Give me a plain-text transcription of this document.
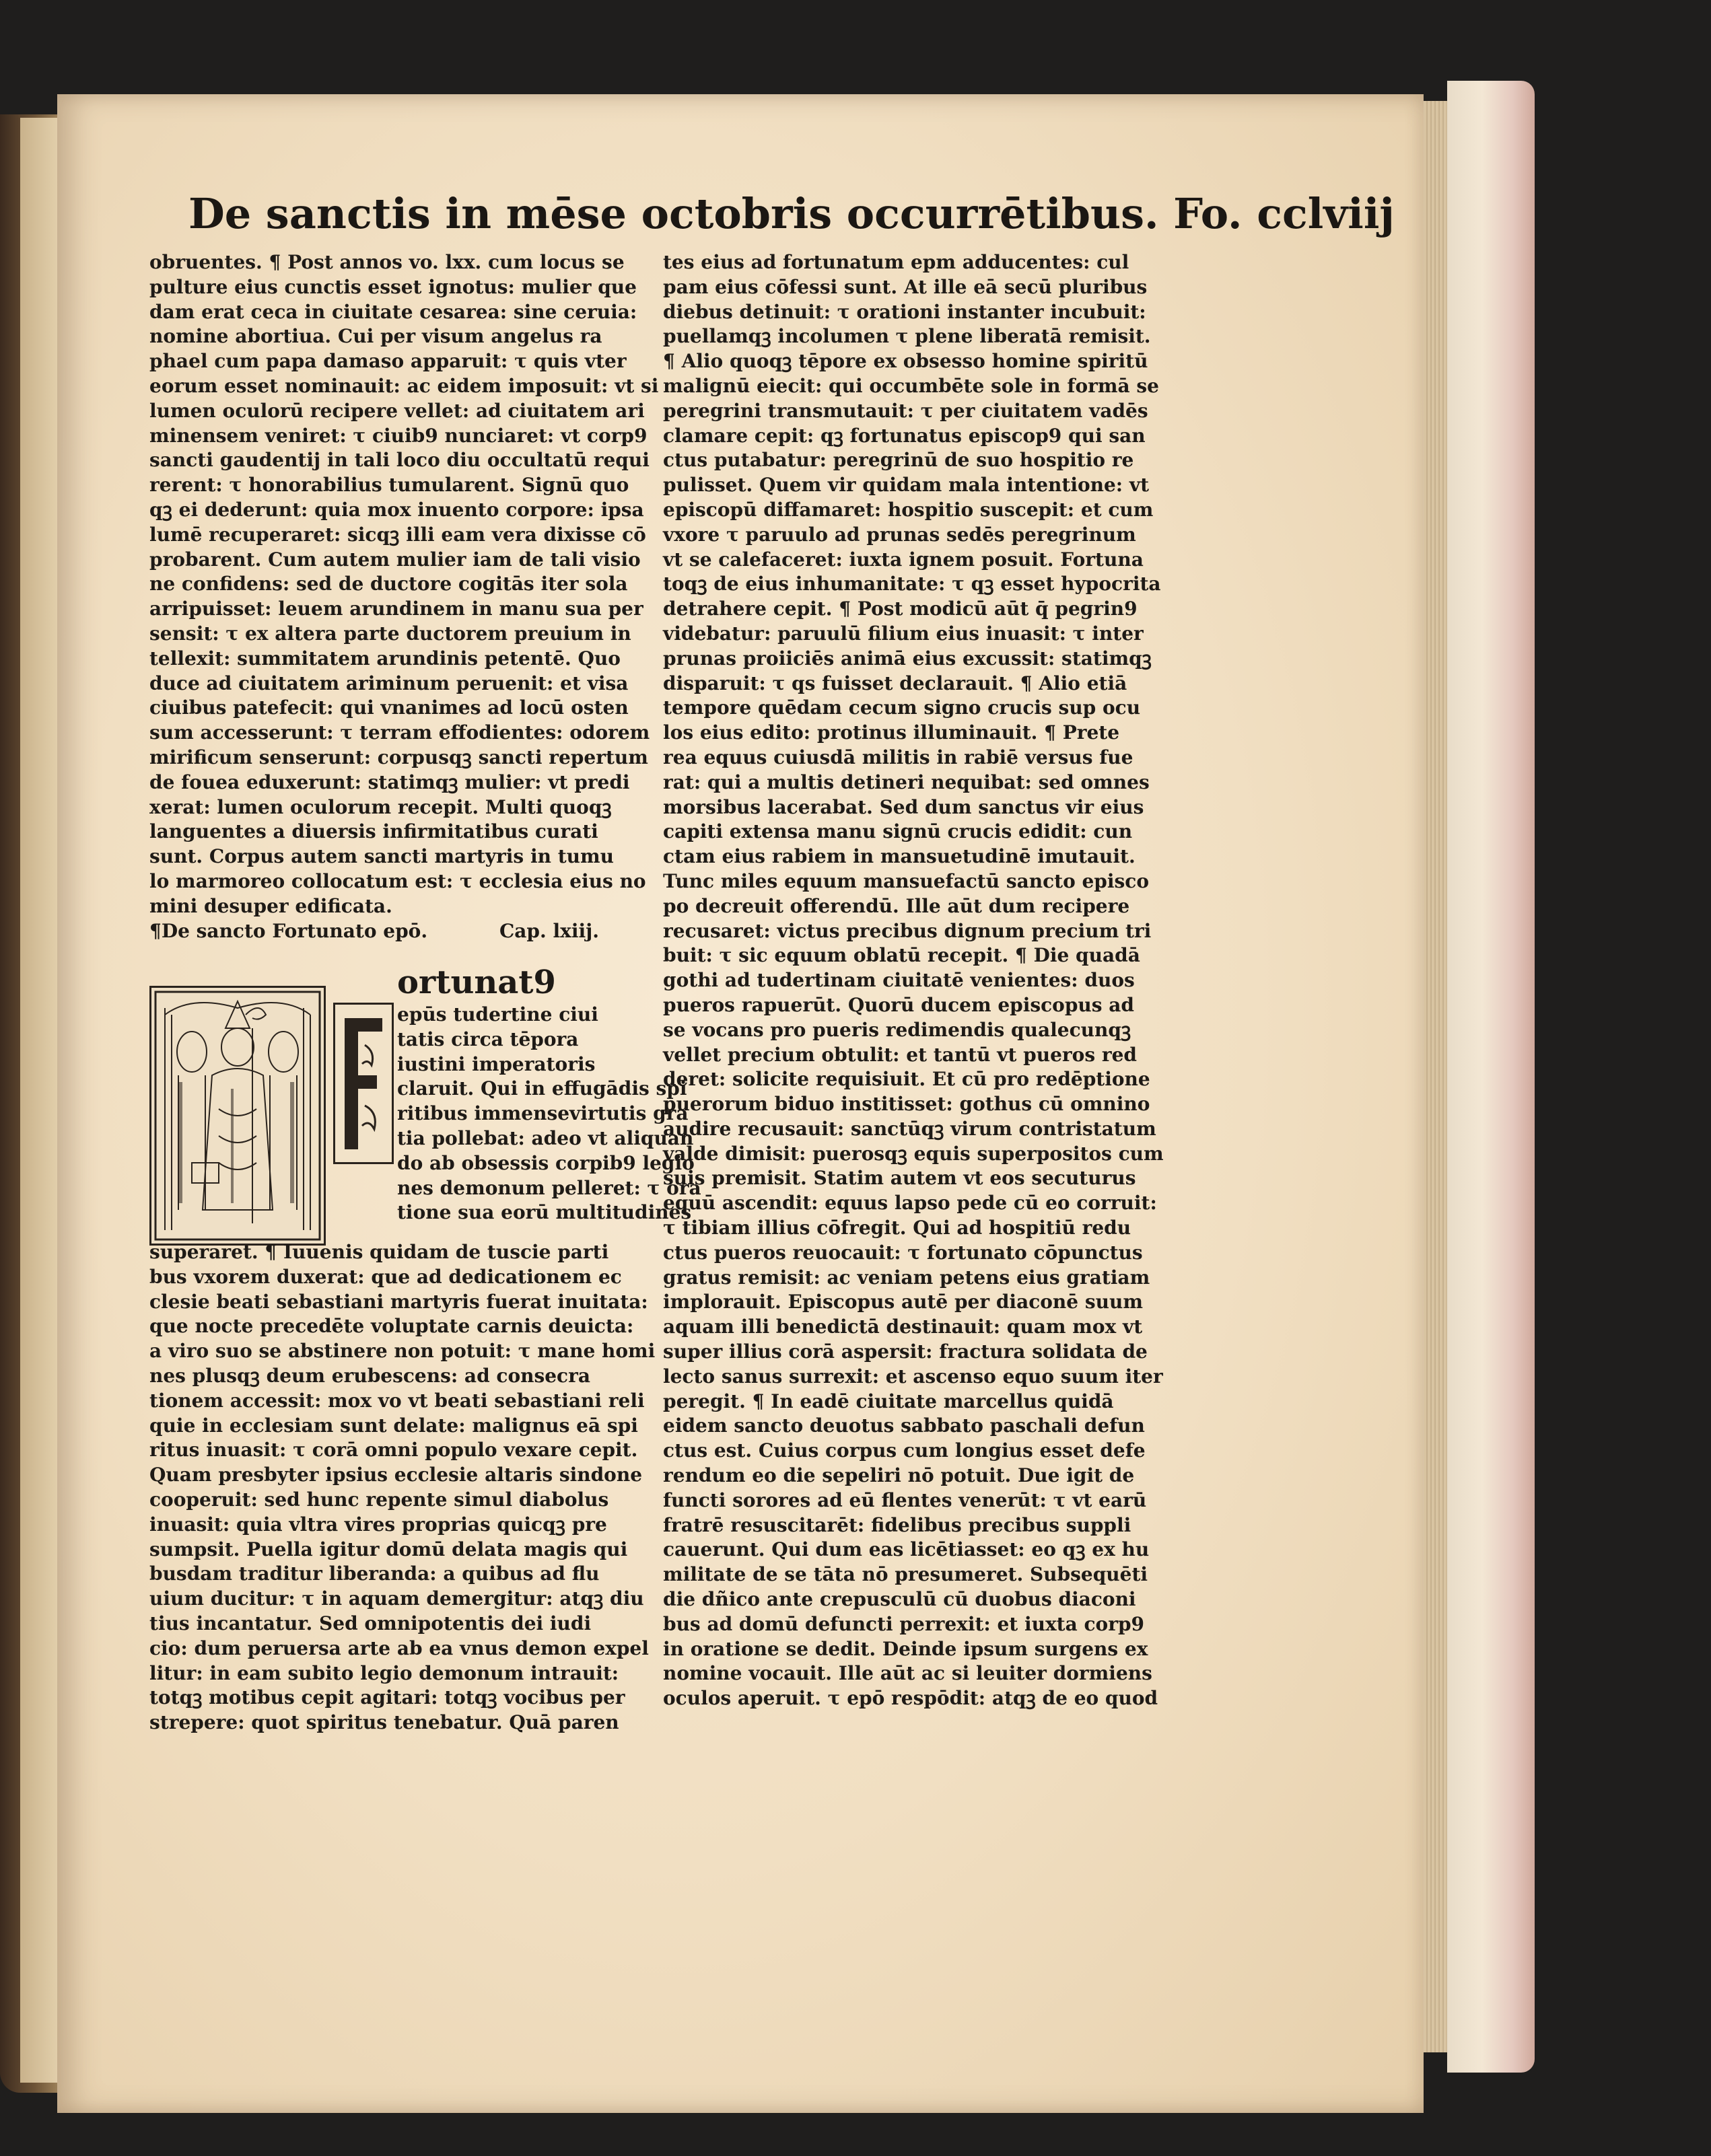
De sanctis in mēse octobris occurrētibus. Fo. cclviij
obruentes. ¶ Post annos vo. lxx. cum locus se
pulture eius cunctis esset ignotus: mulier que
dam erat ceca in ciuitate cesarea: sine ceruia:
nomine abortiua. Cui per visum angelus ra
phael cum papa damaso apparuit: τ quis vter
eorum esset nominauit: ac eidem imposuit: vt si
lumen oculorū recipere vellet: ad ciuitatem ari
minensem veniret: τ ciuib9 nunciaret: vt corp9
sancti gaudentij in tali loco diu occultatū requi
rerent: τ honorabilius tumularent. Signū quo
qꝫ ei dederunt: quia mox inuento corpore: ipsa
lumē recuperaret: sicqꝫ illi eam vera dixisse cō
probarent. Cum autem mulier iam de tali visio
ne confidens: sed de ductore cogitās iter sola
arripuisset: leuem arundinem in manu sua per
sensit: τ ex altera parte ductorem preuium in
tellexit: summitatem arundinis petentē. Quo
duce ad ciuitatem ariminum peruenit: et visa
ciuibus patefecit: qui vnanimes ad locū osten
sum accesserunt: τ terram effodientes: odorem
mirificum senserunt: corpusqꝫ sancti repertum
de fouea eduxerunt: statimqꝫ mulier: vt predi
xerat: lumen oculorum recepit. Multi quoqꝫ
languentes a diuersis infirmitatibus curati
sunt. Corpus autem sancti martyris in tumu
lo marmoreo collocatum est: τ ecclesia eius no
mini desuper edificata.
¶De sancto Fortunato epō.	Cap. lxiij.
ortunat9
epūs tudertine ciui
tatis circa tēpora
iustini imperatoris
claruit. Qui in effugādis spi
ritibus immensevirtutis gra
tia pollebat: adeo vt aliquan
do ab obsessis corpib9 legio
nes demonum pelleret: τ ora
tione sua eorū multitudines
superaret. ¶ Iuuenis quidam de tuscie parti
bus vxorem duxerat: que ad dedicationem ec
clesie beati sebastiani martyris fuerat inuitata:
que nocte precedēte voluptate carnis deuicta:
a viro suo se abstinere non potuit: τ mane homi
nes plusqꝫ deum erubescens: ad consecra
tionem accessit: mox vo vt beati sebastiani reli
quie in ecclesiam sunt delate: malignus eā spi
ritus inuasit: τ corā omni populo vexare cepit.
Quam presbyter ipsius ecclesie altaris sindone
cooperuit: sed hunc repente simul diabolus
inuasit: quia vltra vires proprias quicqꝫ pre
sumpsit. Puella igitur domū delata magis qui
busdam traditur liberanda: a quibus ad flu
uium ducitur: τ in aquam demergitur: atqꝫ diu
tius incantatur. Sed omnipotentis dei iudi
cio: dum peruersa arte ab ea vnus demon expel
litur: in eam subito legio demonum intrauit:
totqꝫ motibus cepit agitari: totqꝫ vocibus per
strepere: quot spiritus tenebatur. Quā paren
tes eius ad fortunatum epm adducentes: cul
pam eius cōfessi sunt. At ille eā secū pluribus
diebus detinuit: τ orationi instanter incubuit:
puellamqꝫ incolumen τ plene liberatā remisit.
¶ Alio quoqꝫ tēpore ex obsesso homine spiritū
malignū eiecit: qui occumbēte sole in formā se
peregrini transmutauit: τ per ciuitatem vadēs
clamare cepit: qꝫ fortunatus episcop9 qui san
ctus putabatur: peregrinū de suo hospitio re
pulisset. Quem vir quidam mala intentione: vt
episcopū diffamaret: hospitio suscepit: et cum
vxore τ paruulo ad prunas sedēs peregrinum
vt se calefaceret: iuxta ignem posuit. Fortuna
toqꝫ de eius inhumanitate: τ qꝫ esset hypocrita
detrahere cepit. ¶ Post modicū aūt q̄ pegrin9
videbatur: paruulū filium eius inuasit: τ inter
prunas proiiciēs animā eius excussit: statimqꝫ
disparuit: τ qs fuisset declarauit. ¶ Alio etiā
tempore quēdam cecum signo crucis sup ocu
los eius edito: protinus illuminauit. ¶ Prete
rea equus cuiusdā militis in rabiē versus fue
rat: qui a multis detineri nequibat: sed omnes
morsibus lacerabat. Sed dum sanctus vir eius
capiti extensa manu signū crucis edidit: cun
ctam eius rabiem in mansuetudinē imutauit.
Tunc miles equum mansuefactū sancto episco
po decreuit offerendū. Ille aūt dum recipere
recusaret: victus precibus dignum precium tri
buit: τ sic equum oblatū recepit. ¶ Die quadā
gothi ad tudertinam ciuitatē venientes: duos
pueros rapuerūt. Quorū ducem episcopus ad
se vocans pro pueris redimendis qualecunqꝫ
vellet precium obtulit: et tantū vt pueros red
deret: solicite requisiuit. Et cū pro redēptione
puerorum biduo institisset: gothus cū omnino
audire recusauit: sanctūqꝫ virum contristatum
valde dimisit: puerosqꝫ equis superpositos cum
suis premisit. Statim autem vt eos secuturus
equū ascendit: equus lapso pede cū eo corruit:
τ tibiam illius cōfregit. Qui ad hospitiū redu
ctus pueros reuocauit: τ fortunato cōpunctus
gratus remisit: ac veniam petens eius gratiam
implorauit. Episcopus autē per diaconē suum
aquam illi benedictā destinauit: quam mox vt
super illius corā aspersit: fractura solidata de
lecto sanus surrexit: et ascenso equo suum iter
peregit. ¶ In eadē ciuitate marcellus quidā
eidem sancto deuotus sabbato paschali defun
ctus est. Cuius corpus cum longius esset defe
rendum eo die sepeliri nō potuit. Due igit de
functi sorores ad eū flentes venerūt: τ vt earū
fratrē resuscitarēt: fidelibus precibus suppli
cauerunt. Qui dum eas licētiasset: eo qꝫ ex hu
militate de se tāta nō presumeret. Subsequēti
die dñico ante crepusculū cū duobus diaconi
bus ad domū defuncti perrexit: et iuxta corp9
in oratione se dedit. Deinde ipsum surgens ex
nomine vocauit. Ille aūt ac si leuiter dormiens
oculos aperuit. τ epō respōdit: atqꝫ de eo quod
